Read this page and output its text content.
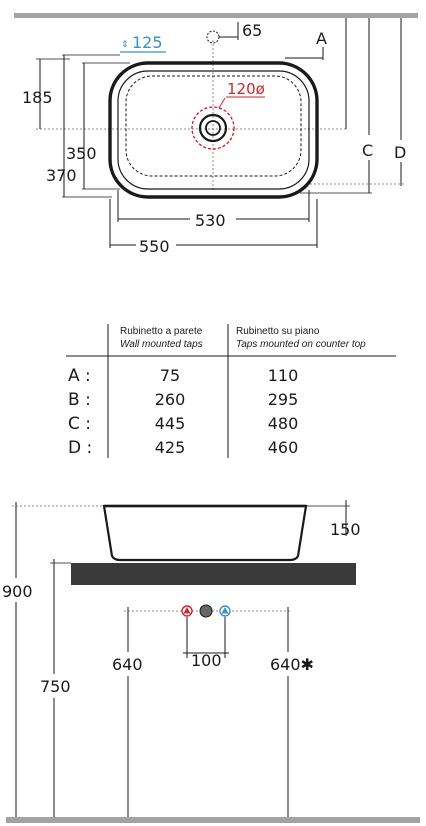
120ø
65
⇕ 125	A
C D
185
350
370
530
550
Rubinetto a parete
Wall mounted taps
Rubinetto su piano
Taps mounted on counter top
A :	75	110
B :	260	295
C :	445	480
D :	425	460
150
900
750
100
640	640✱
